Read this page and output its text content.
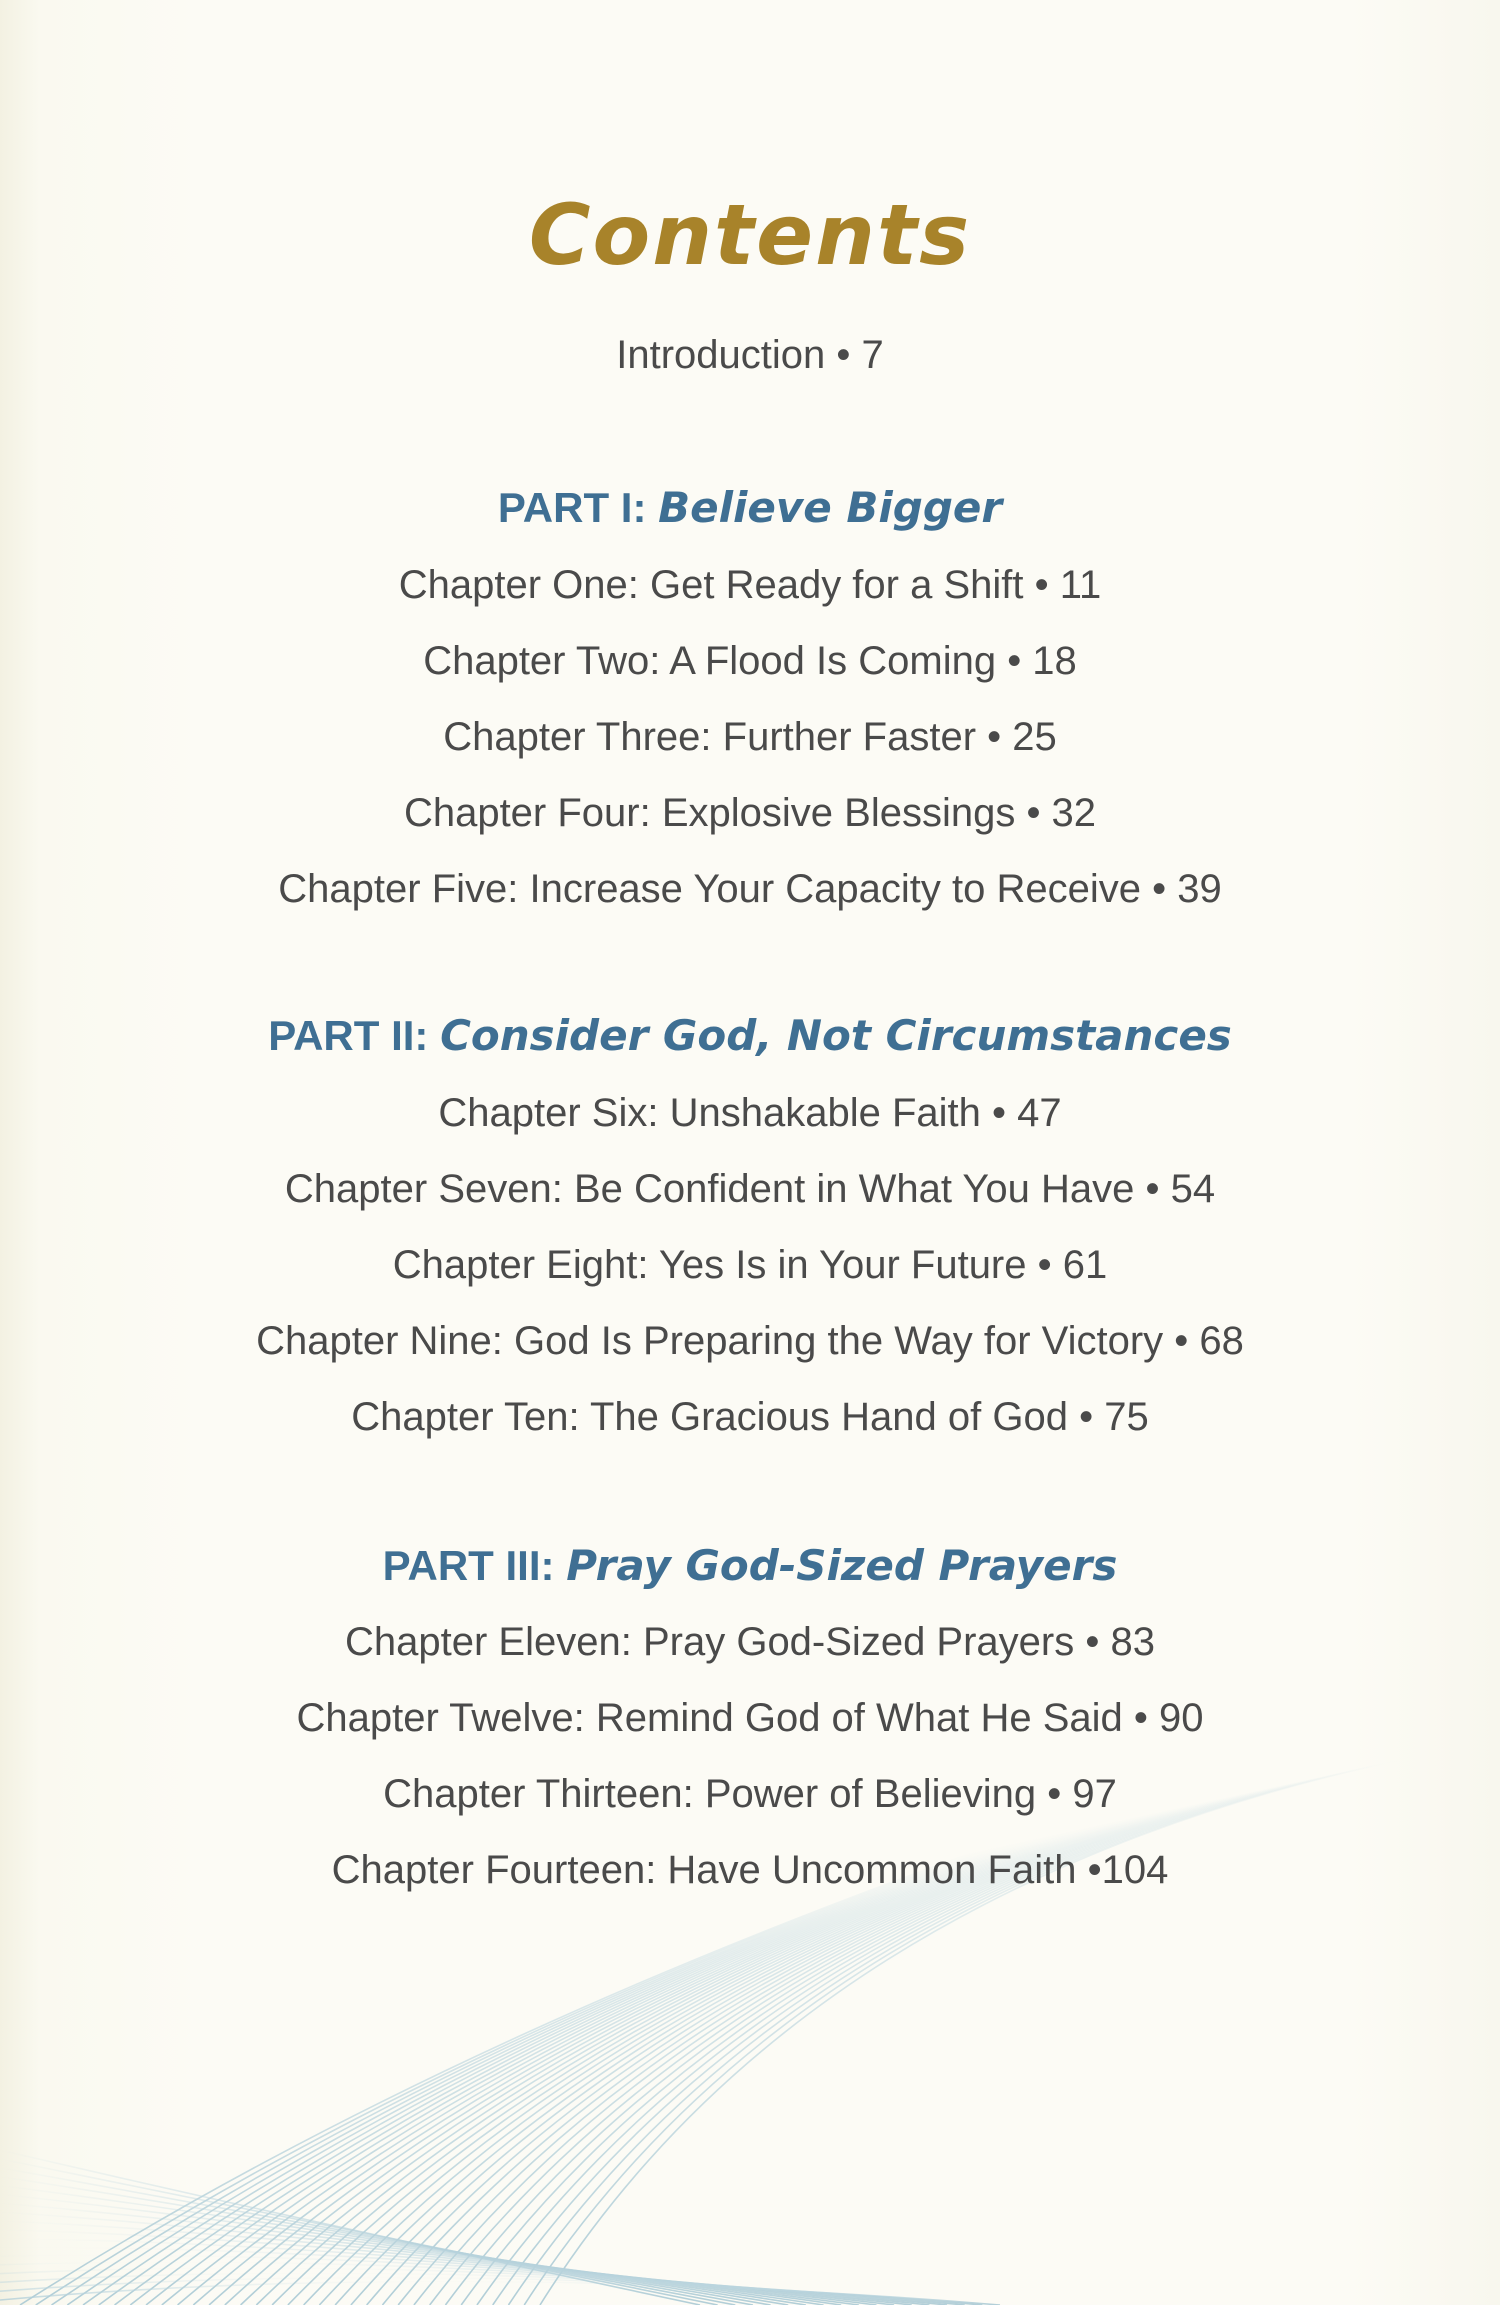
Contents
Introduction • 7
PART I: Believe Bigger
Chapter One: Get Ready for a Shift • 11
Chapter Two: A Flood Is Coming • 18
Chapter Three: Further Faster • 25
Chapter Four: Explosive Blessings • 32
Chapter Five: Increase Your Capacity to Receive • 39
PART II: Consider God, Not Circumstances
Chapter Six: Unshakable Faith • 47
Chapter Seven: Be Confident in What You Have • 54
Chapter Eight: Yes Is in Your Future • 61
Chapter Nine: God Is Preparing the Way for Victory • 68
Chapter Ten: The Gracious Hand of God • 75
PART III: Pray God-Sized Prayers
Chapter Eleven: Pray God-Sized Prayers • 83
Chapter Twelve: Remind God of What He Said • 90
Chapter Thirteen: Power of Believing • 97
Chapter Fourteen: Have Uncommon Faith •104
